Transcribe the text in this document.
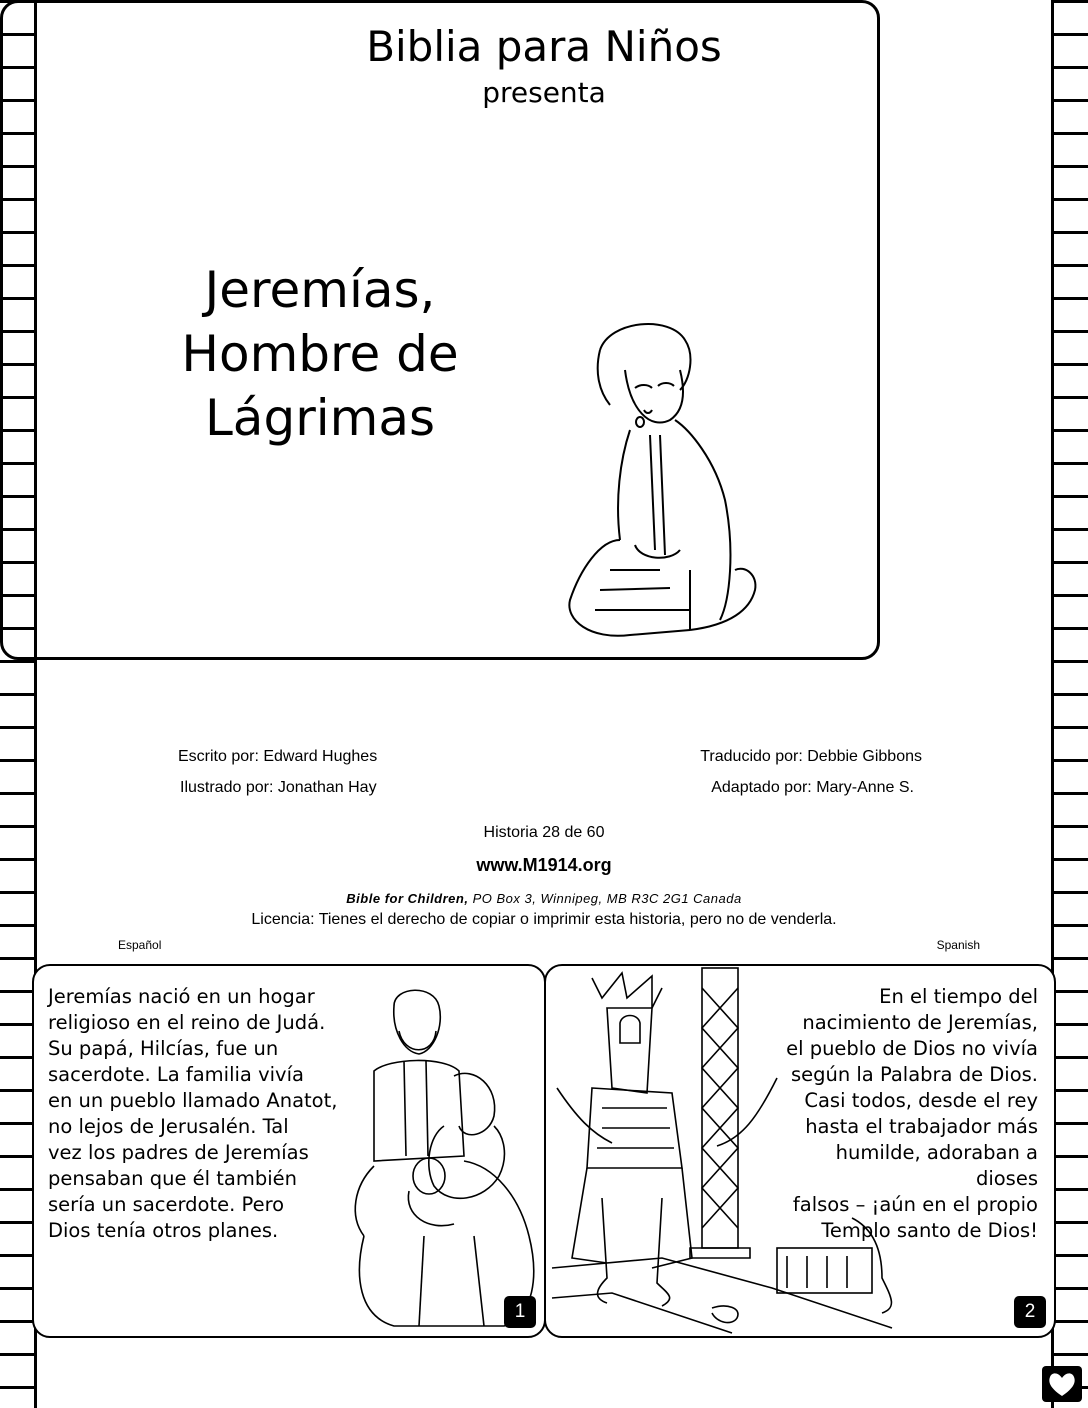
Biblia para Niños
presenta
Jeremías,
Hombre de
Lágrimas
Escrito por: Edward Hughes
Ilustrado por: Jonathan Hay
Traducido por: Debbie Gibbons
Adaptado por: Mary-Anne S.
Historia 28 de 60
www.M1914.org
Bible for Children, PO Box 3, Winnipeg, MB R3C 2G1 Canada
Licencia: Tienes el derecho de copiar o imprimir esta historia, pero no de venderla.
Español	Spanish
Jeremías nació en un hogar
religioso en el reino de Judá.
Su papá, Hilcías, fue un
sacerdote. La familia vivía
en un pueblo llamado Anatot,
no lejos de Jerusalén. Tal
vez los padres de Jeremías
pensaban que él también
sería un sacerdote. Pero
Dios tenía otros planes.
1
En el tiempo del
nacimiento de Jeremías,
el pueblo de Dios no vivía
según la Palabra de Dios.
Casi todos, desde el rey
hasta el trabajador más
humilde, adoraban a dioses
falsos – ¡aún en el propio
Templo santo de Dios!
2
